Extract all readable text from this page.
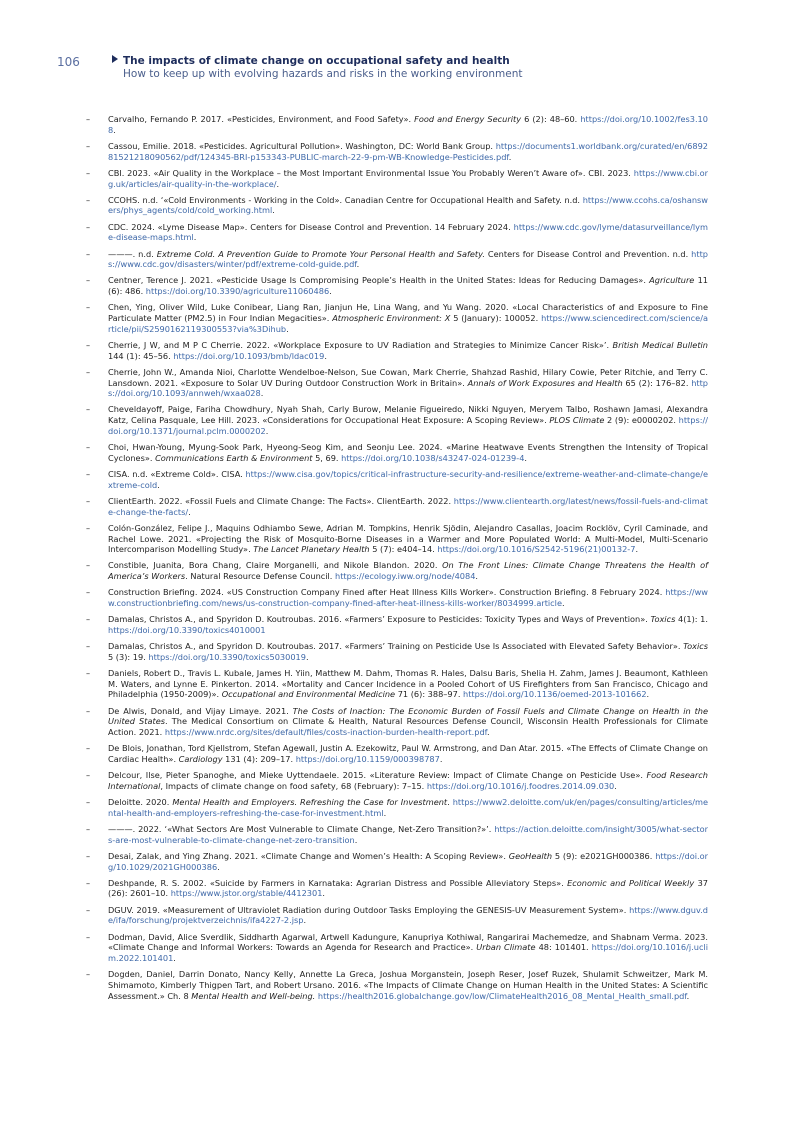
106	The impacts of climate change on occupational safety and health
How to keep up with evolving hazards and risks in the working environment
– Carvalho, Fernando P. 2017. «Pesticides, Environment, and Food Safety». Food and Energy Security 6 (2): 48–60. https://doi.org/10.1002/fes3.108.
– Cassou, Emilie. 2018. «Pesticides. Agricultural Pollution». Washington, DC: World Bank Group. https://documents1.worldbank.org/curated/en/689281521218090562/pdf/124345-BRI-p153343-PUBLIC-march-22-9-pm-WB-Knowledge-Pesticides.pdf.
– CBI. 2023. «Air Quality in the Workplace – the Most Important Environmental Issue You Probably Weren’t Aware of». CBI. 2023. https://www.cbi.org.uk/articles/air-quality-in-the-workplace/.
– CCOHS. n.d. ‘«Cold Environments - Working in the Cold». Canadian Centre for Occupational Health and Safety. n.d. https://www.ccohs.ca/oshanswers/phys_agents/cold/cold_working.html.
– CDC. 2024. «Lyme Disease Map». Centers for Disease Control and Prevention. 14 February 2024. https://www.cdc.gov/lyme/datasurveillance/lyme-disease-maps.html.
– ———. n.d. Extreme Cold. A Prevention Guide to Promote Your Personal Health and Safety. Centers for Disease Control and Prevention. n.d. https://www.cdc.gov/disasters/winter/pdf/extreme-cold-guide.pdf.
– Centner, Terence J. 2021. «Pesticide Usage Is Compromising People’s Health in the United States: Ideas for Reducing Damages». Agriculture 11 (6): 486. https://doi.org/10.3390/agriculture11060486.
– Chen, Ying, Oliver Wild, Luke Conibear, Liang Ran, Jianjun He, Lina Wang, and Yu Wang. 2020. «Local Characteristics of and Exposure to Fine Particulate Matter (PM2.5) in Four Indian Megacities». Atmospheric Environment: X 5 (January): 100052. https://www.sciencedirect.com/science/article/pii/S2590162119300553?via%3Dihub.
– Cherrie, J W, and M P C Cherrie. 2022. «Workplace Exposure to UV Radiation and Strategies to Minimize Cancer Risk»’. British Medical Bulletin 144 (1): 45–56. https://doi.org/10.1093/bmb/ldac019.
– Cherrie, John W., Amanda Nioi, Charlotte Wendelboe-Nelson, Sue Cowan, Mark Cherrie, Shahzad Rashid, Hilary Cowie, Peter Ritchie, and Terry C. Lansdown. 2021. «Exposure to Solar UV During Outdoor Construction Work in Britain». Annals of Work Exposures and Health 65 (2): 176–82. https://doi.org/10.1093/annweh/wxaa028.
– Cheveldayoff, Paige, Fariha Chowdhury, Nyah Shah, Carly Burow, Melanie Figueiredo, Nikki Nguyen, Meryem Talbo, Roshawn Jamasi, Alexandra Katz, Celina Pasquale, Lee Hill. 2023. «Considerations for Occupational Heat Exposure: A Scoping Review». PLOS Climate 2 (9): e0000202. https://doi.org/10.1371/journal.pclm.0000202.
– Choi, Hwan-Young, Myung-Sook Park, Hyeong-Seog Kim, and Seonju Lee. 2024. «Marine Heatwave Events Strengthen the Intensity of Tropical Cyclones». Communications Earth & Environment 5, 69. https://doi.org/10.1038/s43247-024-01239-4.
– CISA. n.d. «Extreme Cold». CISA. https://www.cisa.gov/topics/critical-infrastructure-security-and-resilience/extreme-weather-and-climate-change/extreme-cold.
– ClientEarth. 2022. «Fossil Fuels and Climate Change: The Facts». ClientEarth. 2022. https://www.clientearth.org/latest/news/fossil-fuels-and-climate-change-the-facts/.
– Colón-González, Felipe J., Maquins Odhiambo Sewe, Adrian M. Tompkins, Henrik Sjödin, Alejandro Casallas, Joacim Rocklöv, Cyril Caminade, and Rachel Lowe. 2021. «Projecting the Risk of Mosquito-Borne Diseases in a Warmer and More Populated World: A Multi-Model, Multi-Scenario Intercomparison Modelling Study». The Lancet Planetary Health 5 (7): e404–14. https://doi.org/10.1016/S2542-5196(21)00132-7.
– Constible, Juanita, Bora Chang, Claire Morganelli, and Nikole Blandon. 2020. On The Front Lines: Climate Change Threatens the Health of America’s Workers. Natural Resource Defense Council. https://ecology.iww.org/node/4084.
– Construction Briefing. 2024. «US Construction Company Fined after Heat Illness Kills Worker». Construction Briefing. 8 February 2024. https://www.constructionbriefing.com/news/us-construction-company-fined-after-heat-illness-kills-worker/8034999.article.
– Damalas, Christos A., and Spyridon D. Koutroubas. 2016. «Farmers’ Exposure to Pesticides: Toxicity Types and Ways of Prevention». Toxics 4(1): 1. https://doi.org/10.3390/toxics4010001
– Damalas, Christos A., and Spyridon D. Koutroubas. 2017. «Farmers’ Training on Pesticide Use Is Associated with Elevated Safety Behavior». Toxics 5 (3): 19. https://doi.org/10.3390/toxics5030019.
– Daniels, Robert D., Travis L. Kubale, James H. Yiin, Matthew M. Dahm, Thomas R. Hales, Dalsu Baris, Shelia H. Zahm, James J. Beaumont, Kathleen M. Waters, and Lynne E. Pinkerton. 2014. «Mortality and Cancer Incidence in a Pooled Cohort of US Firefighters from San Francisco, Chicago and Philadelphia (1950-2009)». Occupational and Environmental Medicine 71 (6): 388–97. https://doi.org/10.1136/oemed-2013-101662.
– De Alwis, Donald, and Vijay Limaye. 2021. The Costs of Inaction: The Economic Burden of Fossil Fuels and Climate Change on Health in the United States. The Medical Consortium on Climate & Health, Natural Resources Defense Council, Wisconsin Health Professionals for Climate Action. 2021. https://www.nrdc.org/sites/default/files/costs-inaction-burden-health-report.pdf.
– De Blois, Jonathan, Tord Kjellstrom, Stefan Agewall, Justin A. Ezekowitz, Paul W. Armstrong, and Dan Atar. 2015. «The Effects of Climate Change on Cardiac Health». Cardiology 131 (4): 209–17. https://doi.org/10.1159/000398787.
– Delcour, Ilse, Pieter Spanoghe, and Mieke Uyttendaele. 2015. «Literature Review: Impact of Climate Change on Pesticide Use». Food Research International, Impacts of climate change on food safety, 68 (February): 7–15. https://doi.org/10.1016/j.foodres.2014.09.030.
– Deloitte. 2020. Mental Health and Employers. Refreshing the Case for Investment. https://www2.deloitte.com/uk/en/pages/consulting/articles/mental-health-and-employers-refreshing-the-case-for-investment.html.
– ———. 2022. ‘«What Sectors Are Most Vulnerable to Climate Change, Net-Zero Transition?»’. https://action.deloitte.com/insight/3005/what-sectors-are-most-vulnerable-to-climate-change-net-zero-transition.
– Desai, Zalak, and Ying Zhang. 2021. «Climate Change and Women’s Health: A Scoping Review». GeoHealth 5 (9): e2021GH000386. https://doi.org/10.1029/2021GH000386.
– Deshpande, R. S. 2002. «Suicide by Farmers in Karnataka: Agrarian Distress and Possible Alleviatory Steps». Economic and Political Weekly 37 (26): 2601–10. https://www.jstor.org/stable/4412301.
– DGUV. 2019. «Measurement of Ultraviolet Radiation during Outdoor Tasks Employing the GENESIS-UV Measurement System». https://www.dguv.de/ifa/forschung/projektverzeichnis/ifa4227-2.jsp.
– Dodman, David, Alice Sverdlik, Siddharth Agarwal, Artwell Kadungure, Kanupriya Kothiwal, Rangarirai Machemedze, and Shabnam Verma. 2023. «Climate Change and Informal Workers: Towards an Agenda for Research and Practice». Urban Climate 48: 101401. https://doi.org/10.1016/j.uclim.2022.101401.
– Dogden, Daniel, Darrin Donato, Nancy Kelly, Annette La Greca, Joshua Morganstein, Joseph Reser, Josef Ruzek, Shulamit Schweitzer, Mark M. Shimamoto, Kimberly Thigpen Tart, and Robert Ursano. 2016. «The Impacts of Climate Change on Human Health in the United States: A Scientific Assessment.» Ch. 8 Mental Health and Well-being. https://health2016.globalchange.gov/low/ClimateHealth2016_08_Mental_Health_small.pdf.
